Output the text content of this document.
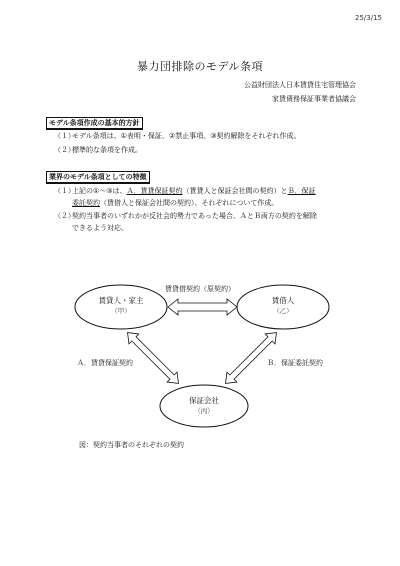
25/3/15
暴力団排除のモデル条項
公益財団法人日本賃貸住宅管理協会
家賃債務保証事業者協議会
モデル条項作成の基本的方針
（１）
モデル条項は、①表明・保証、②禁止事項、③契約解除をそれぞれ作成。
（２）
標準的な条項を作成。
業界のモデル条項としての特徴
（１）
上記の①～③は、Ａ．賃貸保証契約（賃貸人と保証会社間の契約）とＢ．保証
委託契約（賃借人と保証会社間の契約）、それぞれについて作成。
（２）
契約当事者のいずれかが反社会的勢力であった場合、ＡとＢ両方の契約を解除
できるよう対応。
賃貸人・家主
（甲）
賃借人
（乙）
保証会社
（丙）
賃貸借契約（原契約）
Ａ．賃貸保証契約	Ｂ．保証委託契約
図：契約当事者のそれぞれの契約
